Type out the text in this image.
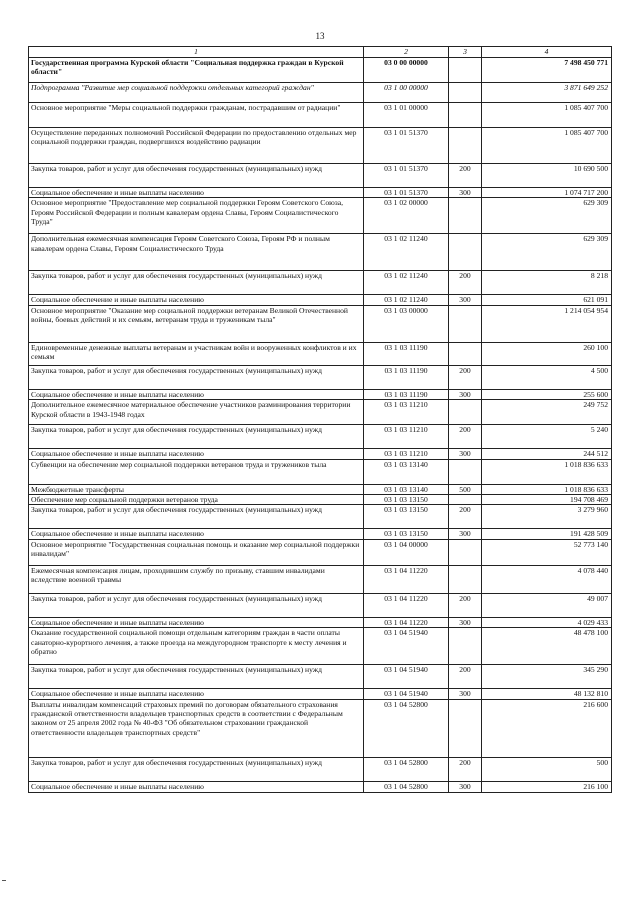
13
1	2	3	4
Государственная программа Курской области "Социальная поддержка граждан в Курской области"	03 0 00 00000		7 498 450 771
Подпрограмма "Развитие мер социальной поддержки отдельных категорий граждан"	03 1 00 00000		3 871 649 252
Основное мероприятие "Меры социальной поддержки гражданам, пострадавшим от радиации"	03 1 01 00000		1 085 407 700
Осуществление переданных полномочий Российской Федерации по предоставлению отдельных мер социальной поддержки граждан, подвергшихся воздействию радиации	03 1 01 51370		1 085 407 700
Закупка товаров, работ и услуг для обеспечения государственных (муниципальных) нужд	03 1 01 51370	200	10 690 500
Социальное обеспечение и иные выплаты населению	03 1 01 51370	300	1 074 717 200
Основное мероприятие "Предоставление мер социальной поддержки Героям Советского Союза, Героям Российской Федерации и полным кавалерам ордена Славы, Героям Социалистического Труда"	03 1 02 00000		629 309
Дополнительная ежемесячная компенсация Героям Советского Союза, Героям РФ и полным кавалерам ордена Славы, Героям Социалистического Труда	03 1 02 11240		629 309
Закупка товаров, работ и услуг для обеспечения государственных (муниципальных) нужд	03 1 02 11240	200	8 218
Социальное обеспечение и иные выплаты населению	03 1 02 11240	300	621 091
Основное мероприятие "Оказание мер социальной поддержки ветеранам Великой Отечественной войны, боевых действий и их семьям, ветеранам труда и труженикам тыла"	03 1 03 00000		1 214 054 954
Единовременные денежные выплаты ветеранам и участникам войн и вооруженных конфликтов и их семьям	03 1 03 11190		260 100
Закупка товаров, работ и услуг для обеспечения государственных (муниципальных) нужд	03 1 03 11190	200	4 500
Социальное обеспечение и иные выплаты населению	03 1 03 11190	300	255 600
Дополнительное ежемесячное материальное обеспечение участников разминирования территории Курской области в 1943-1948 годах	03 1 03 11210		249 752
Закупка товаров, работ и услуг для обеспечения государственных (муниципальных) нужд	03 1 03 11210	200	5 240
Социальное обеспечение и иные выплаты населению	03 1 03 11210	300	244 512
Субвенции на обеспечение мер социальной поддержки ветеранов труда и тружеников тыла	03 1 03 13140		1 018 836 633
Межбюджетные трансферты	03 1 03 13140	500	1 018 836 633
Обеспечение мер социальной поддержки ветеранов труда	03 1 03 13150		194 708 469
Закупка товаров, работ и услуг для обеспечения государственных (муниципальных) нужд	03 1 03 13150	200	3 279 960
Социальное обеспечение и иные выплаты населению	03 1 03 13150	300	191 428 509
Основное мероприятие "Государственная социальная помощь и оказание мер социальной поддержки инвалидам"	03 1 04 00000		52 773 140
Ежемесячная компенсация лицам, проходившим службу по призыву, ставшим инвалидами вследствие военной травмы	03 1 04 11220		4 078 440
Закупка товаров, работ и услуг для обеспечения государственных (муниципальных) нужд	03 1 04 11220	200	49 007
Социальное обеспечение и иные выплаты населению	03 1 04 11220	300	4 029 433
Оказание государственной социальной помощи отдельным категориям граждан в части оплаты санаторно-курортного лечения, а также проезда на междугородном транспорте к месту лечения и обратно	03 1 04 51940		48 478 100
Закупка товаров, работ и услуг для обеспечения государственных (муниципальных) нужд	03 1 04 51940	200	345 290
Социальное обеспечение и иные выплаты населению	03 1 04 51940	300	48 132 810
Выплаты инвалидам компенсаций страховых премий по договорам обязательного страхования гражданской ответственности владельцев транспортных средств в соответствии с Федеральным законом от 25 апреля 2002 года № 40-ФЗ "Об обязательном страховании гражданской ответственности владельцев транспортных средств"	03 1 04 52800		216 600
Закупка товаров, работ и услуг для обеспечения государственных (муниципальных) нужд	03 1 04 52800	200	500
Социальное обеспечение и иные выплаты населению	03 1 04 52800	300	216 100
